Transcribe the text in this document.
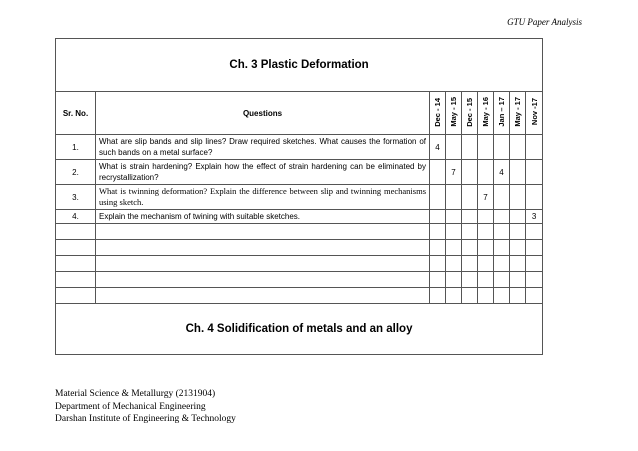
GTU Paper Analysis
Ch. 3 Plastic Deformation								
Sr. No.	Questions	Dec - 14	May - 15	Dec - 15	May - 16	Jan – 17	May - 17	Nov -17
1.	What are slip bands and slip lines? Draw required sketches. What causes the formation of such bands on a metal surface?	4						
2.	What is strain hardening? Explain how the effect of strain hardening can be eliminated by recrystallization?		7			4		
3.	What is twinning deformation? Explain the difference between slip and twinning mechanisms using sketch.				7			
4.	Explain the mechanism of twining with suitable sketches.							3

Ch. 4 Solidification of metals and an alloy								
Material Science & Metallurgy (2131904)
Department of Mechanical Engineering
Darshan Institute of Engineering & Technology
